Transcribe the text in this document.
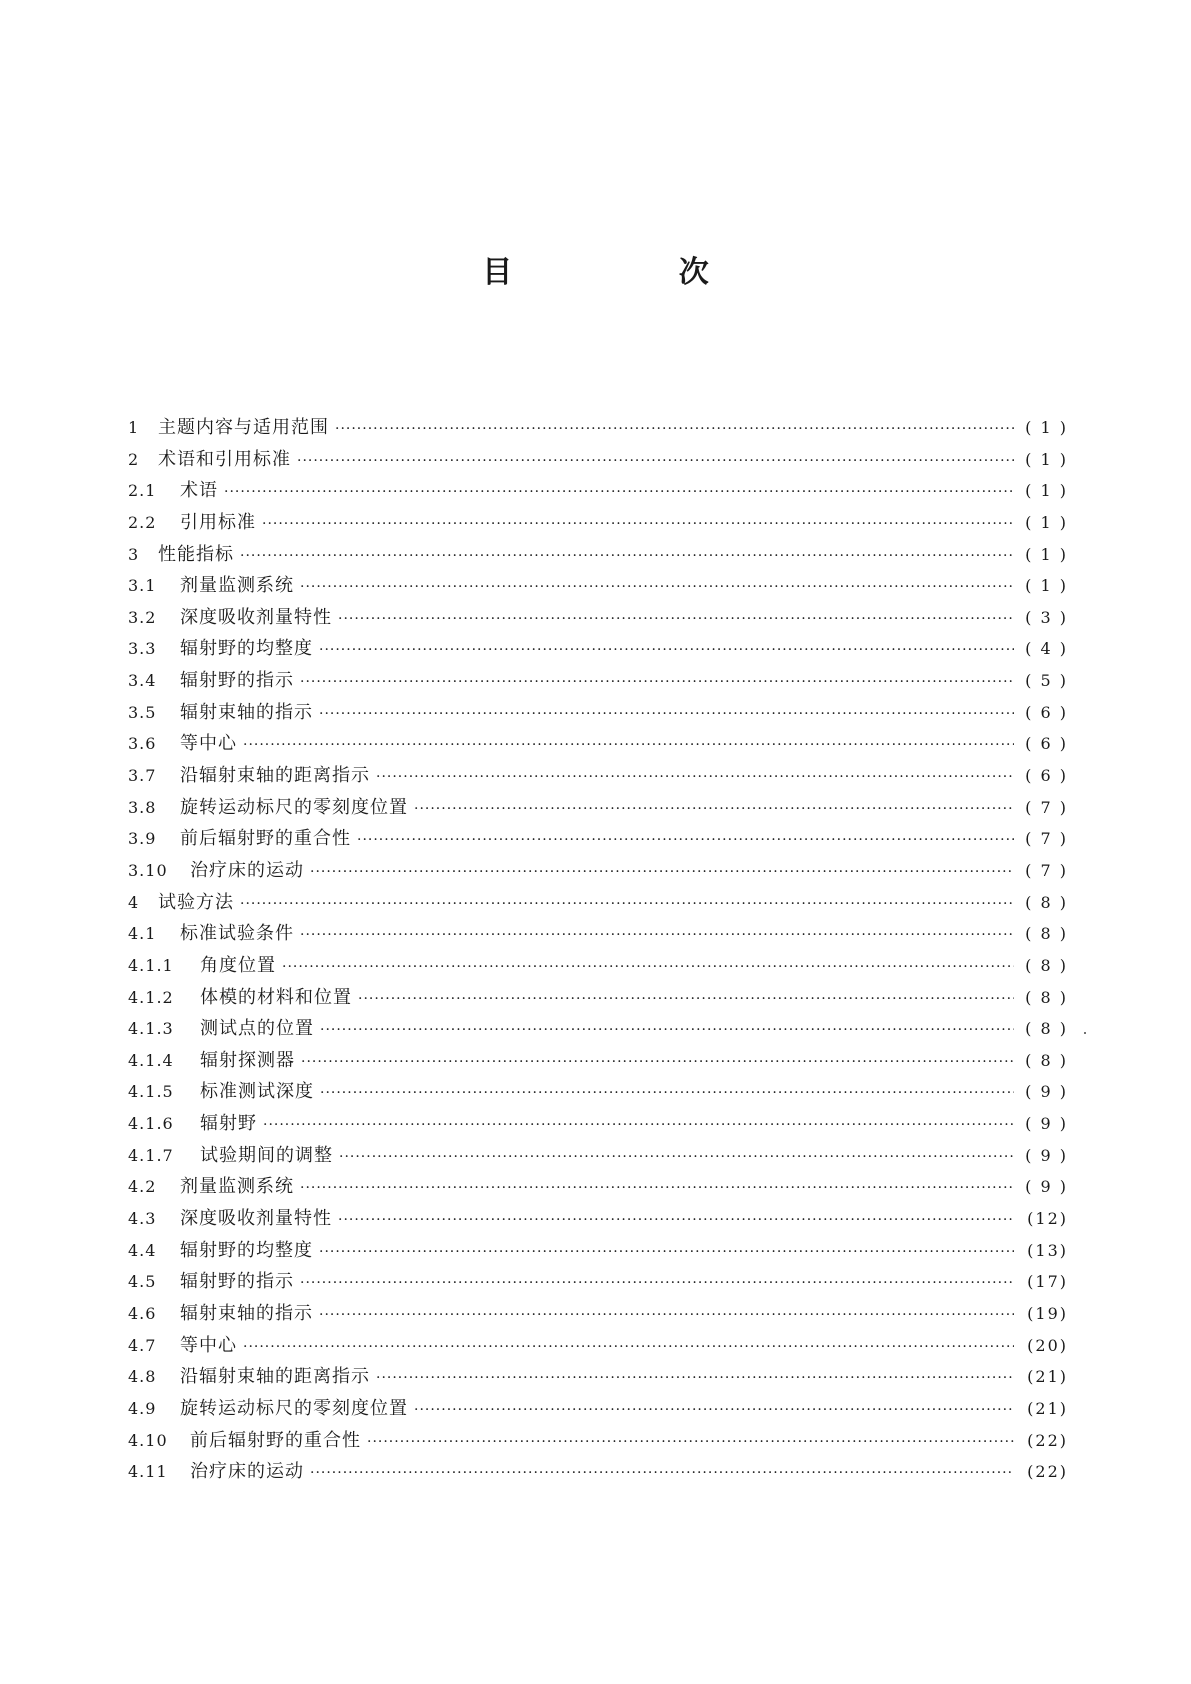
目 次
1	主题内容与适用范围 ·····	( 1 )
2	术语和引用标准 ·····	( 1 )
2.1	术语 ·····	( 1 )
2.2	引用标准 ·····	( 1 )
3	性能指标 ·····	( 1 )
3.1	剂量监测系统 ·····	( 1 )
3.2	深度吸收剂量特性 ·····	( 3 )
3.3	辐射野的均整度 ·····	( 4 )
3.4	辐射野的指示 ·····	( 5 )
3.5	辐射束轴的指示 ·····	( 6 )
3.6	等中心 ·····	( 6 )
3.7	沿辐射束轴的距离指示 ·····	( 6 )
3.8	旋转运动标尺的零刻度位置 ·····	( 7 )
3.9	前后辐射野的重合性 ·····	( 7 )
3.10	治疗床的运动 ·····	( 7 )
4	试验方法 ·····	( 8 )
4.1	标准试验条件 ·····	( 8 )
4.1.1	角度位置 ·····	( 8 )
4.1.2	体模的材料和位置 ·····	( 8 )
4.1.3	测试点的位置 ·····	( 8 )
4.1.4	辐射探测器 ·····	( 8 )
4.1.5	标准测试深度 ·····	( 9 )
4.1.6	辐射野 ·····	( 9 )
4.1.7	试验期间的调整 ·····	( 9 )
4.2	剂量监测系统 ·····	( 9 )
4.3	深度吸收剂量特性 ·····	(12)
4.4	辐射野的均整度 ·····	(13)
4.5	辐射野的指示 ·····	(17)
4.6	辐射束轴的指示 ·····	(19)
4.7	等中心 ·····	(20)
4.8	沿辐射束轴的距离指示 ·····	(21)
4.9	旋转运动标尺的零刻度位置 ·····	(21)
4.10	前后辐射野的重合性 ·····	(22)
4.11	治疗床的运动 ·····	(22)
